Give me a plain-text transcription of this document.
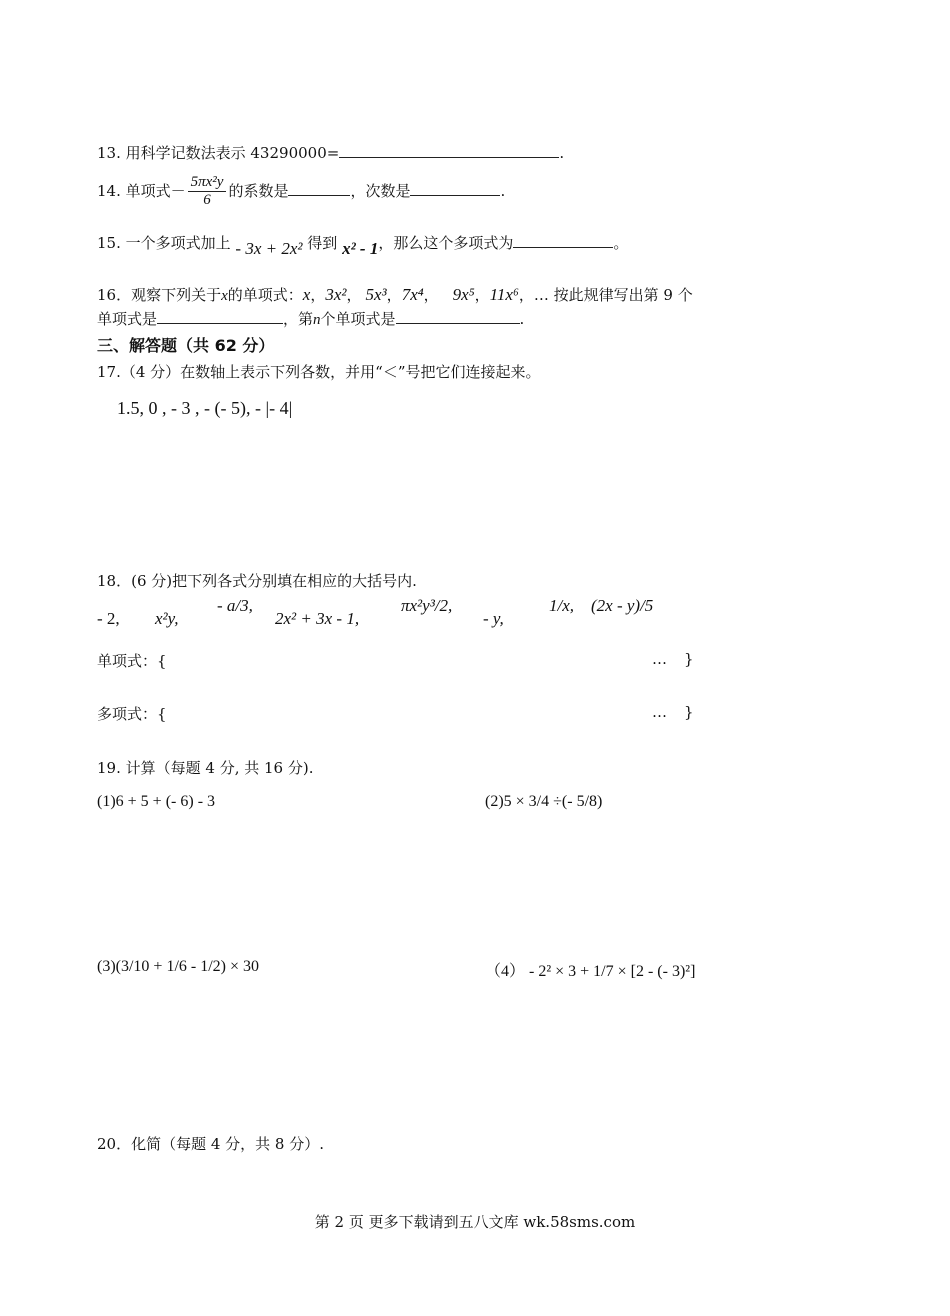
13. 用科学记数法表示 43290000=	.
14. 单项式－ $\frac{\text{5πx²y}}{6}$ 的系数是	，次数是	.
15. 一个多项式加上 - 3x + 2x² 得到 x² - 1，那么这个多项式为	。
16．观察下列关于x的单项式：x，3x²， 5x³，7x⁴， 9x⁵，11x⁶，… 按此规律写出第 9 个
单项式是	，第n个单项式是	.
三、解答题（共 62 分）
17.（4 分）在数轴上表示下列各数，并用“＜”号把它们连接起来。
1.5, 0 , - 3 , - (- 5), - |- 4|
18．(6 分)把下列各式分别填在相应的大括号内.
- 2, x²y,
- a/3,
2x² + 3x - 1,
πx²y³/2,
- y,
1/x, (2x - y)/5
单项式：{	… }
多项式：{	… }
19. 计算（每题 4 分, 共 16 分).
(1)6 + 5 + (- 6) - 3	(2)5 × 3/4 ÷(- 5/8)
(3)(3/10 + 1/6 - 1/2) × 30	（4） - 2² × 3 + 1/7 × [2 - (- 3)²]
20．化简（每题 4 分，共 8 分）.
第 2 页 更多下载请到五八文库 wk.58sms.com
